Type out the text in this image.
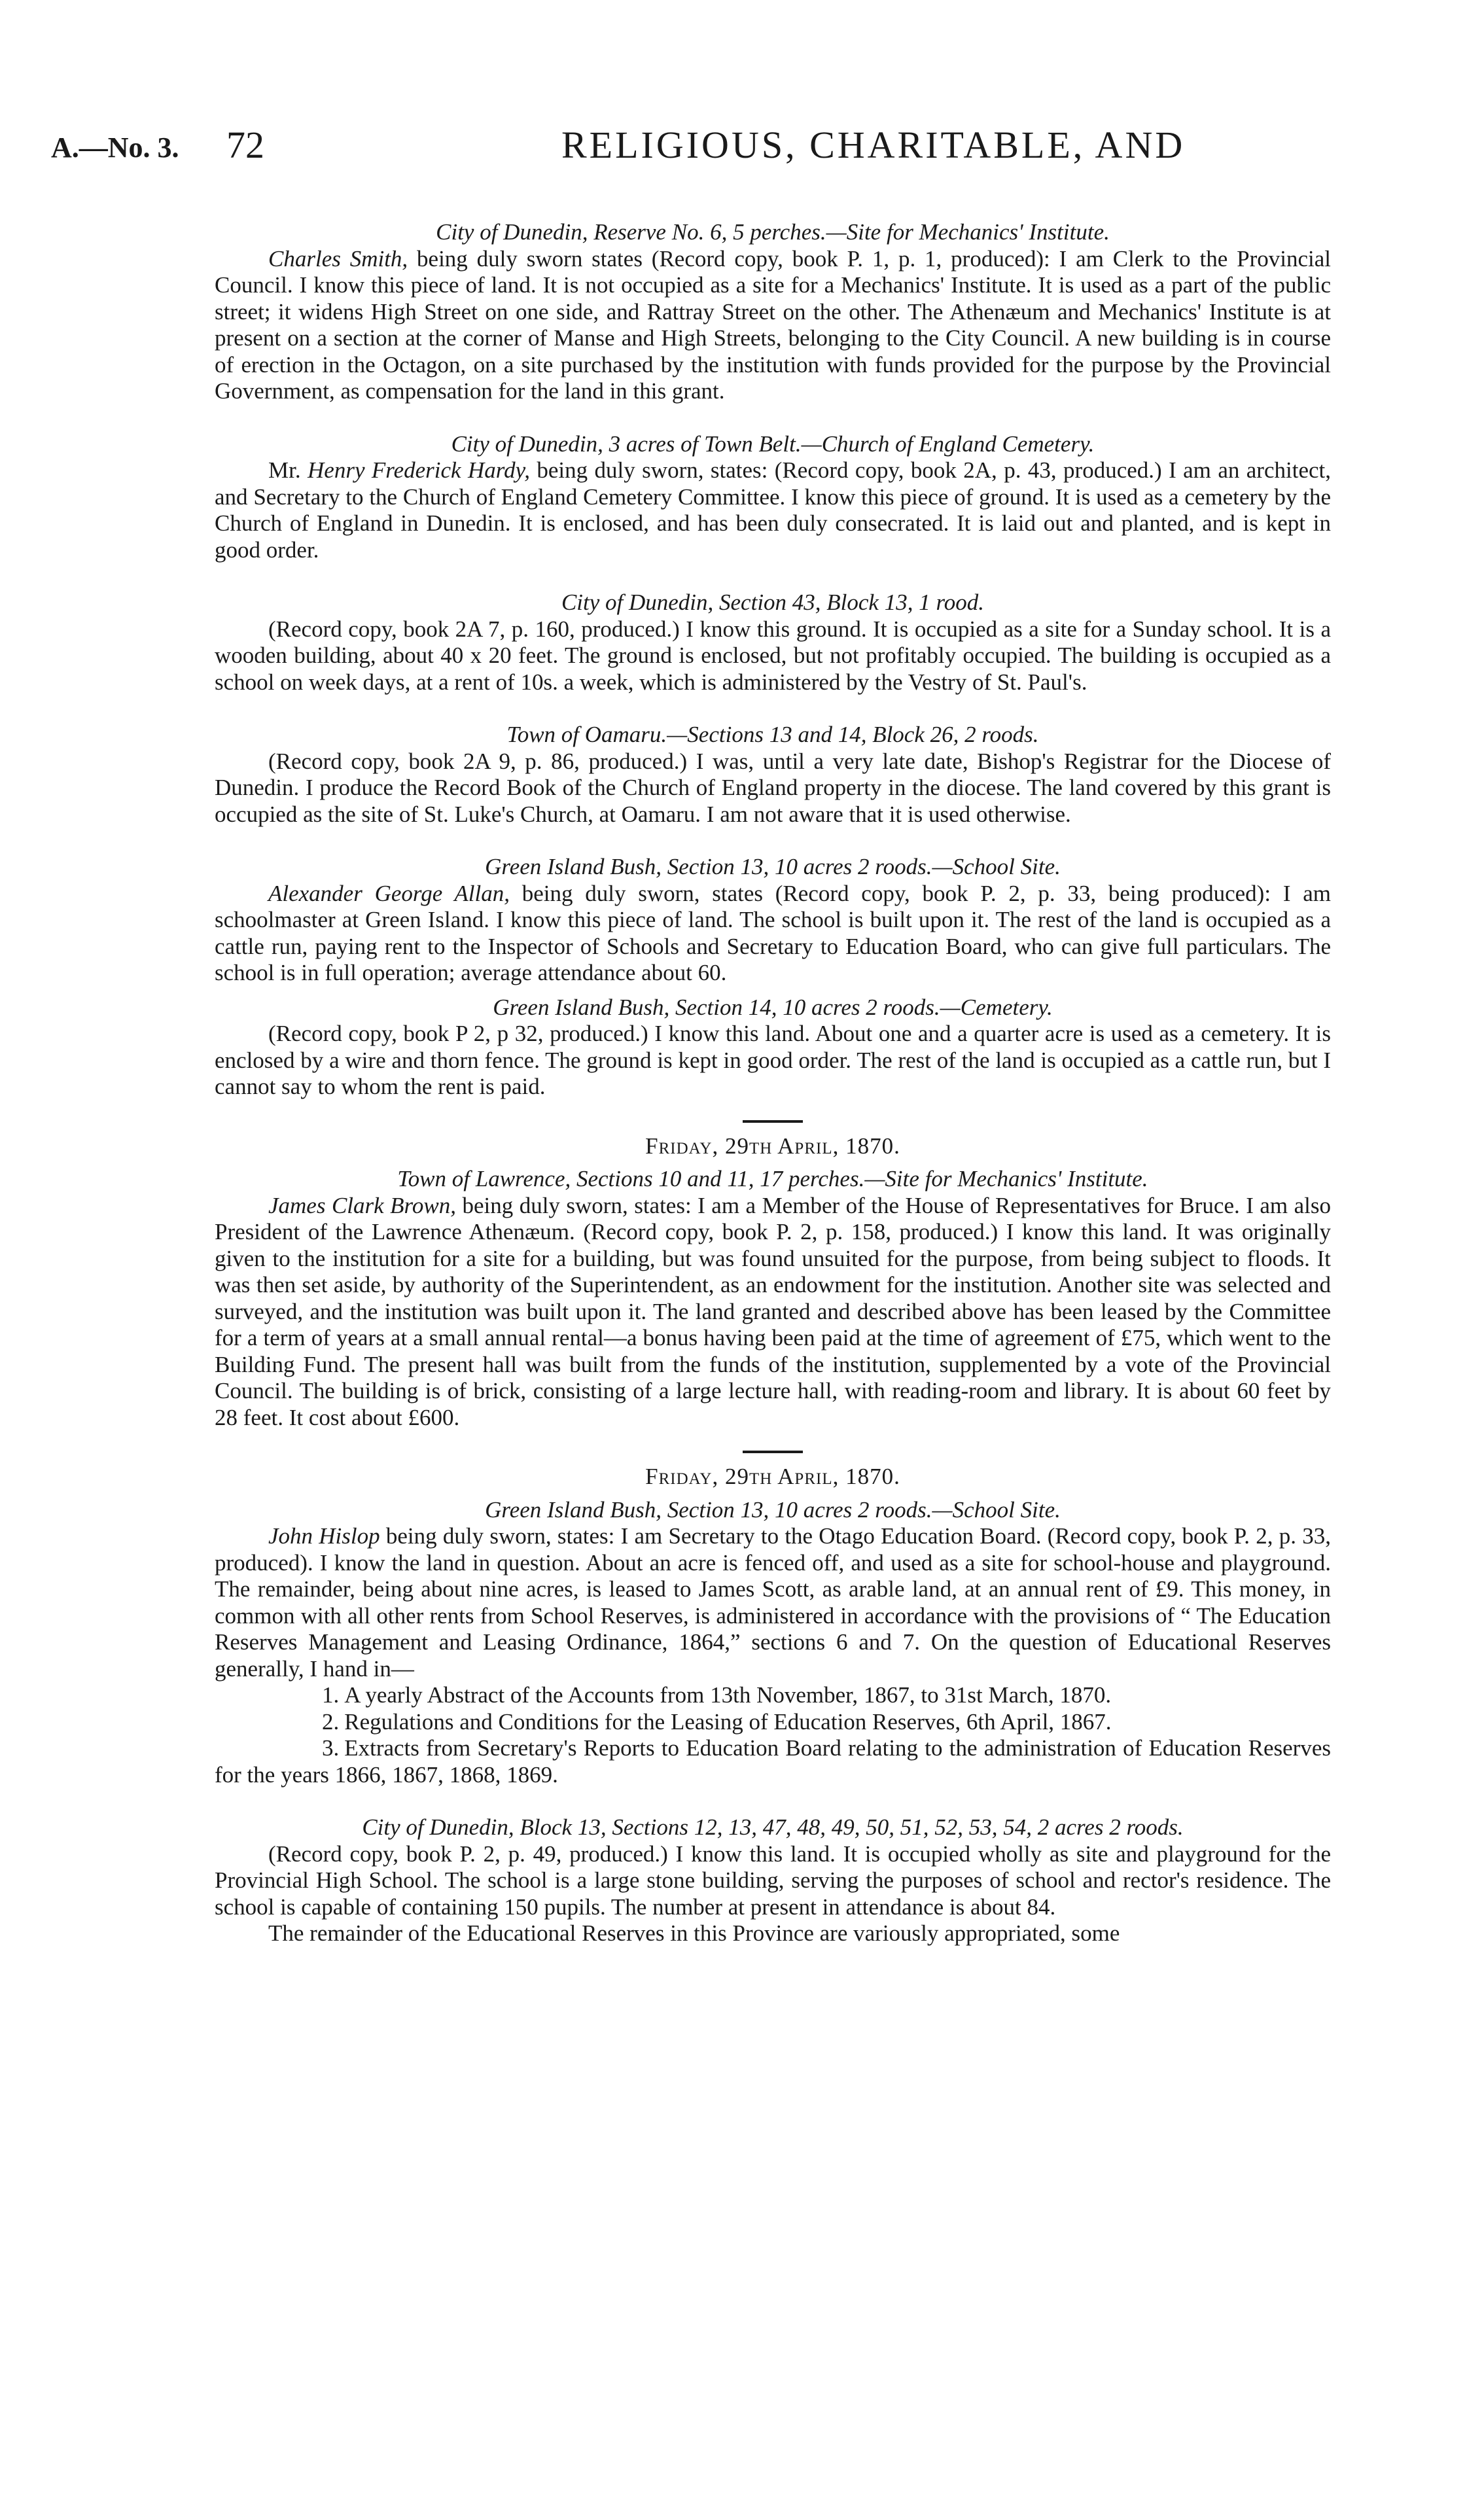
A.—No. 3. 72	RELIGIOUS, CHARITABLE, AND

City of Dunedin, Reserve No. 6, 5 perches.—Site for Mechanics' Institute.

Charles Smith, being duly sworn states (Record copy, book P. 1, p. 1, produced): I am Clerk to the Provincial Council. I know this piece of land. It is not occupied as a site for a Mechanics' Institute. It is used as a part of the public street; it widens High Street on one side, and Rattray Street on the other. The Athenæum and Mechanics' Institute is at present on a section at the corner of Manse and High Streets, belonging to the City Council. A new building is in course of erection in the Octagon, on a site purchased by the institution with funds provided for the purpose by the Provincial Government, as compensation for the land in this grant.

City of Dunedin, 3 acres of Town Belt.—Church of England Cemetery.

Mr. Henry Frederick Hardy, being duly sworn, states: (Record copy, book 2A, p. 43, produced.) I am an architect, and Secretary to the Church of England Cemetery Committee. I know this piece of ground. It is used as a cemetery by the Church of England in Dunedin. It is enclosed, and has been duly consecrated. It is laid out and planted, and is kept in good order.

City of Dunedin, Section 43, Block 13, 1 rood.

(Record copy, book 2A 7, p. 160, produced.) I know this ground. It is occupied as a site for a Sunday school. It is a wooden building, about 40 x 20 feet. The ground is enclosed, but not profitably occupied. The building is occupied as a school on week days, at a rent of 10s. a week, which is administered by the Vestry of St. Paul's.

Town of Oamaru.—Sections 13 and 14, Block 26, 2 roods.

(Record copy, book 2A 9, p. 86, produced.) I was, until a very late date, Bishop's Registrar for the Diocese of Dunedin. I produce the Record Book of the Church of England property in the diocese. The land covered by this grant is occupied as the site of St. Luke's Church, at Oamaru. I am not aware that it is used otherwise.

Green Island Bush, Section 13, 10 acres 2 roods.—School Site.

Alexander George Allan, being duly sworn, states (Record copy, book P. 2, p. 33, being produced): I am schoolmaster at Green Island. I know this piece of land. The school is built upon it. The rest of the land is occupied as a cattle run, paying rent to the Inspector of Schools and Secretary to Education Board, who can give full particulars. The school is in full operation; average attendance about 60.

Green Island Bush, Section 14, 10 acres 2 roods.—Cemetery.

(Record copy, book P 2, p 32, produced.) I know this land. About one and a quarter acre is used as a cemetery. It is enclosed by a wire and thorn fence. The ground is kept in good order. The rest of the land is occupied as a cattle run, but I cannot say to whom the rent is paid.

Friday, 29th April, 1870.

Town of Lawrence, Sections 10 and 11, 17 perches.—Site for Mechanics' Institute.

James Clark Brown, being duly sworn, states: I am a Member of the House of Representatives for Bruce. I am also President of the Lawrence Athenæum. (Record copy, book P. 2, p. 158, produced.) I know this land. It was originally given to the institution for a site for a building, but was found unsuited for the purpose, from being subject to floods. It was then set aside, by authority of the Superintendent, as an endowment for the institution. Another site was selected and surveyed, and the institution was built upon it. The land granted and described above has been leased by the Committee for a term of years at a small annual rental—a bonus having been paid at the time of agreement of £75, which went to the Building Fund. The present hall was built from the funds of the institution, supplemented by a vote of the Provincial Council. The building is of brick, consisting of a large lecture hall, with reading-room and library. It is about 60 feet by 28 feet. It cost about £600.

Friday, 29th April, 1870.

Green Island Bush, Section 13, 10 acres 2 roods.—School Site.

John Hislop being duly sworn, states: I am Secretary to the Otago Education Board. (Record copy, book P. 2, p. 33, produced). I know the land in question. About an acre is fenced off, and used as a site for school-house and playground. The remainder, being about nine acres, is leased to James Scott, as arable land, at an annual rent of £9. This money, in common with all other rents from School Reserves, is administered in accordance with the provisions of “ The Education Reserves Management and Leasing Ordinance, 1864,” sections 6 and 7. On the question of Educational Reserves generally, I hand in—

1. A yearly Abstract of the Accounts from 13th November, 1867, to 31st March, 1870.

2. Regulations and Conditions for the Leasing of Education Reserves, 6th April, 1867.

3. Extracts from Secretary's Reports to Education Board relating to the administration of Education Reserves for the years 1866, 1867, 1868, 1869.

City of Dunedin, Block 13, Sections 12, 13, 47, 48, 49, 50, 51, 52, 53, 54, 2 acres 2 roods.

(Record copy, book P. 2, p. 49, produced.) I know this land. It is occupied wholly as site and playground for the Provincial High School. The school is a large stone building, serving the purposes of school and rector's residence. The school is capable of containing 150 pupils. The number at present in attendance is about 84.

The remainder of the Educational Reserves in this Province are variously appropriated, some
